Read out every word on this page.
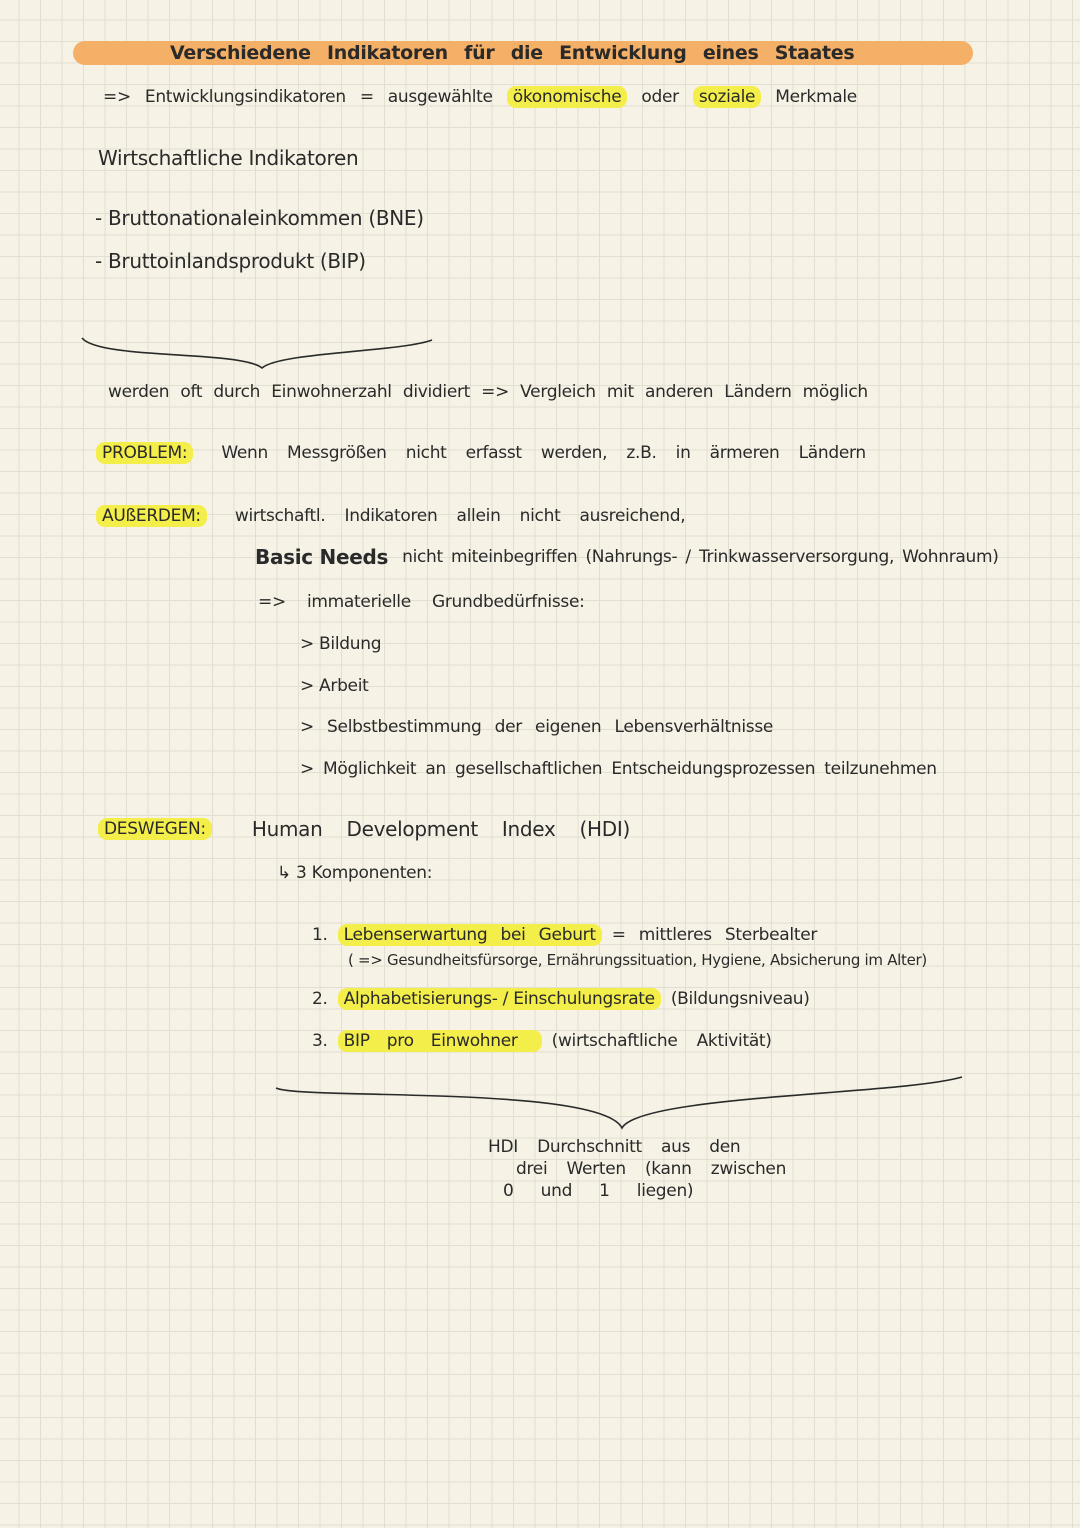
Verschiedene Indikatoren für die Entwicklung eines Staates
=> Entwicklungsindikatoren = ausgewählte	ökonomische	oder	soziale	Merkmale
Wirtschaftliche Indikatoren
- Bruttonationaleinkommen (BNE)
- Bruttoinlandsprodukt (BIP)
werden oft durch Einwohnerzahl dividiert => Vergleich mit anderen Ländern möglich
PROBLEM:	Wenn Messgrößen nicht erfasst werden, z.B. in ärmeren Ländern
AUßERDEM:	wirtschaftl. Indikatoren allein nicht ausreichend,
Basic Needs nicht miteinbegriffen (Nahrungs- / Trinkwasserversorgung, Wohnraum)
=> immaterielle Grundbedürfnisse:
> Bildung
> Arbeit
> Selbstbestimmung der eigenen Lebensverhältnisse
> Möglichkeit an gesellschaftlichen Entscheidungsprozessen teilzunehmen
DESWEGEN:	Human Development Index (HDI)
↳ 3 Komponenten:
1. Lebenserwartung bei Geburt = mittleres Sterbealter
( => Gesundheitsfürsorge, Ernährungssituation, Hygiene, Absicherung im Alter)
2. Alphabetisierungs- / Einschulungsrate (Bildungsniveau)
3. BIP pro Einwohner	(wirtschaftliche Aktivität)
HDI Durchschnitt aus den
drei Werten (kann zwischen
0 und 1 liegen)
